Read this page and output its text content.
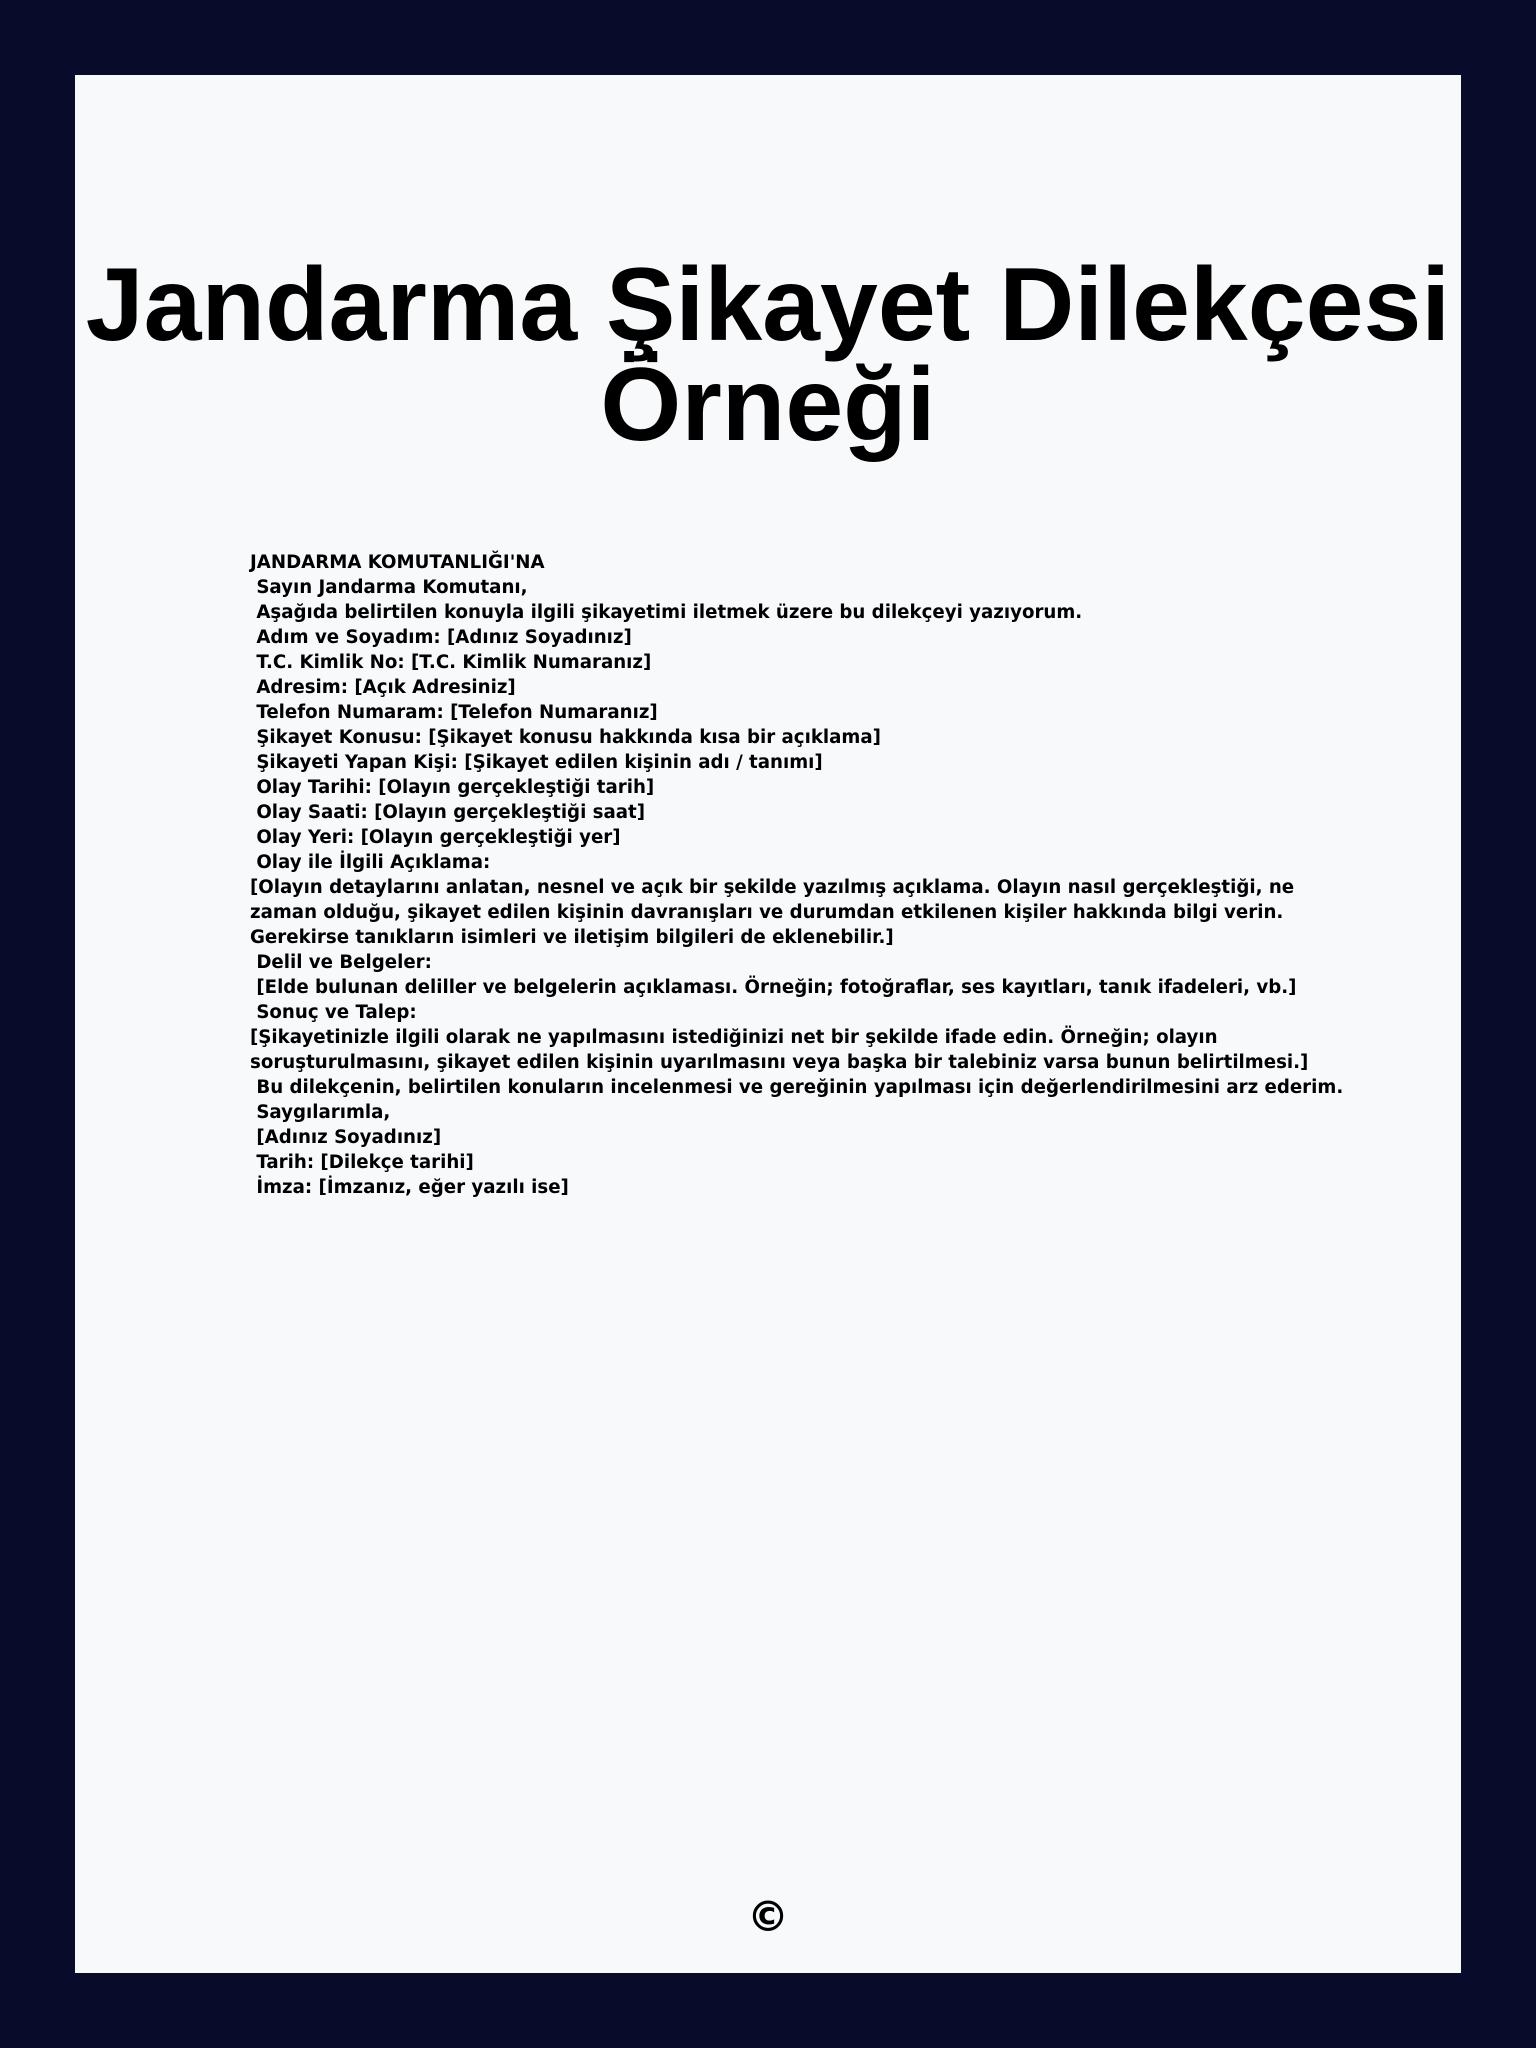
Jandarma Şikayet Dilekçesi Örneği
JANDARMA KOMUTANLIĞI'NA
Sayın Jandarma Komutanı,
Aşağıda belirtilen konuyla ilgili şikayetimi iletmek üzere bu dilekçeyi yazıyorum.
Adım ve Soyadım: [Adınız Soyadınız]
T.C. Kimlik No: [T.C. Kimlik Numaranız]
Adresim: [Açık Adresiniz]
Telefon Numaram: [Telefon Numaranız]
Şikayet Konusu: [Şikayet konusu hakkında kısa bir açıklama]
Şikayeti Yapan Kişi: [Şikayet edilen kişinin adı / tanımı]
Olay Tarihi: [Olayın gerçekleştiği tarih]
Olay Saati: [Olayın gerçekleştiği saat]
Olay Yeri: [Olayın gerçekleştiği yer]
Olay ile İlgili Açıklama:
[Olayın detaylarını anlatan, nesnel ve açık bir şekilde yazılmış açıklama. Olayın nasıl gerçekleştiği, ne
zaman olduğu, şikayet edilen kişinin davranışları ve durumdan etkilenen kişiler hakkında bilgi verin.
Gerekirse tanıkların isimleri ve iletişim bilgileri de eklenebilir.]
Delil ve Belgeler:
[Elde bulunan deliller ve belgelerin açıklaması. Örneğin; fotoğraflar, ses kayıtları, tanık ifadeleri, vb.]
Sonuç ve Talep:
[Şikayetinizle ilgili olarak ne yapılmasını istediğinizi net bir şekilde ifade edin. Örneğin; olayın
soruşturulmasını, şikayet edilen kişinin uyarılmasını veya başka bir talebiniz varsa bunun belirtilmesi.]
Bu dilekçenin, belirtilen konuların incelenmesi ve gereğinin yapılması için değerlendirilmesini arz ederim.
Saygılarımla,
[Adınız Soyadınız]
Tarih: [Dilekçe tarihi]
İmza: [İmzanız, eğer yazılı ise]
©
